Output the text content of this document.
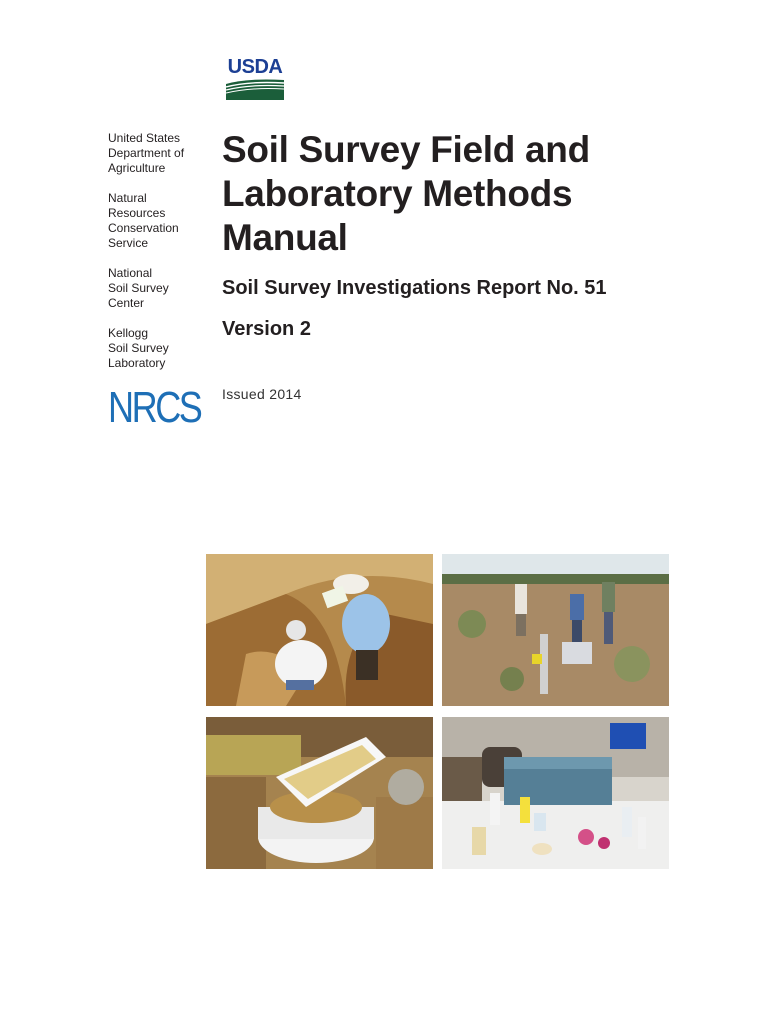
USDA
United States
Department of
Agriculture
Natural
Resources
Conservation
Service
National
Soil Survey
Center
Kellogg
Soil Survey
Laboratory
NRCS
Soil Survey Field and
Laboratory Methods
Manual
Soil Survey Investigations Report No. 51
Version 2
Issued 2014
